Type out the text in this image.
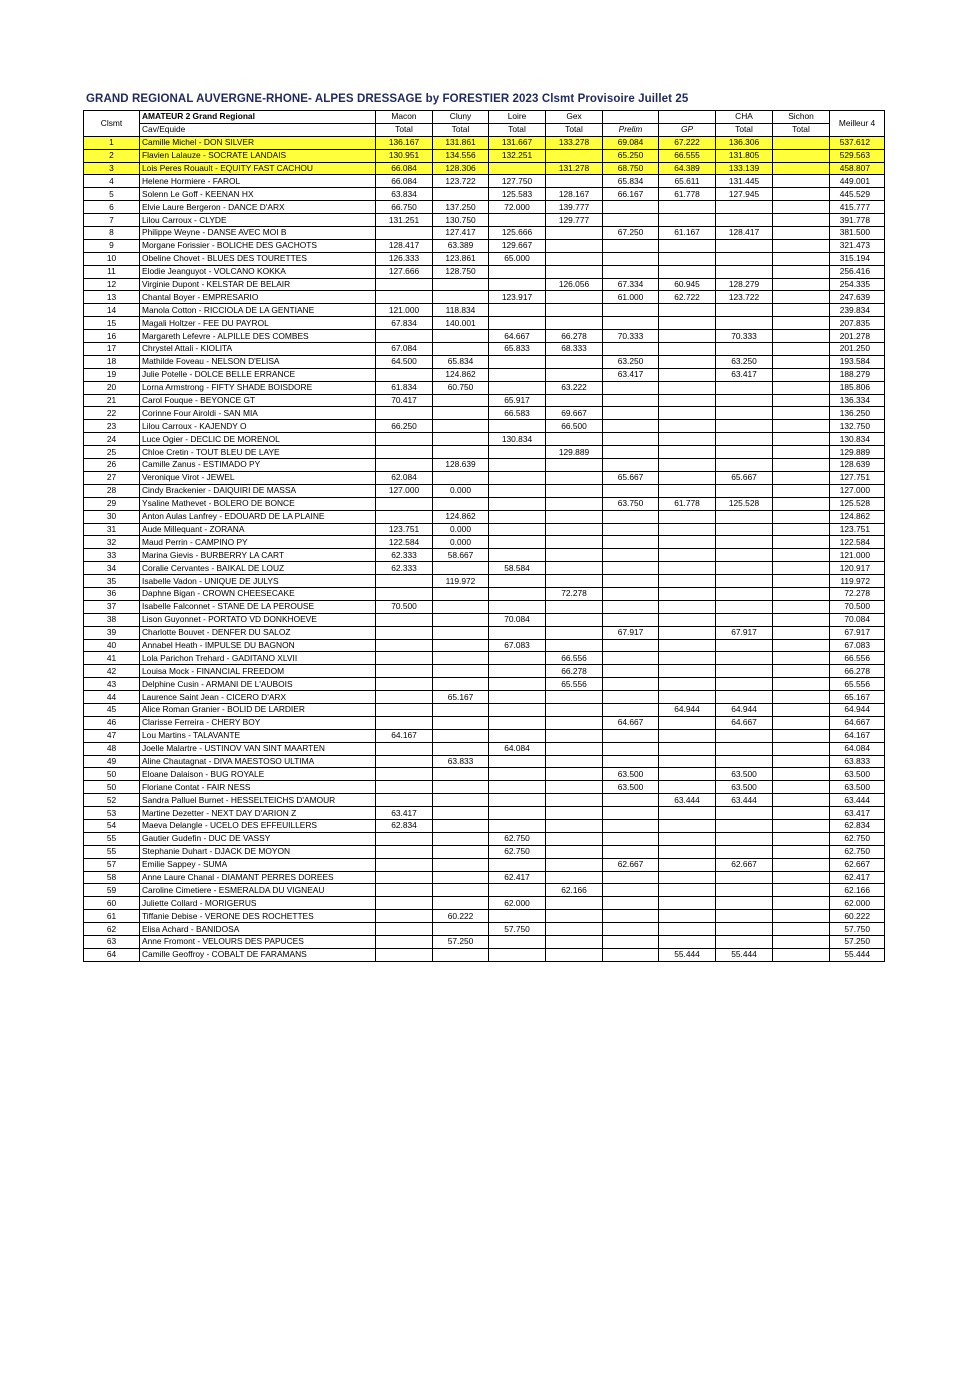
GRAND REGIONAL AUVERGNE-RHONE- ALPES DRESSAGE by FORESTIER 2023 Clsmt Provisoire Juillet 25
Clsmt	AMATEUR 2 Grand Regional	Macon	Cluny	Loire	Gex			CHA	Sichon	Meilleur 4
	Cav/Equide	Total	Total	Total	Total	Prelim	GP	Total	Total	
1	Camille Michel - DON SILVER	136.167	131.861	131.667	133.278	69.084	67.222	136.306		537.612
2	Flavien Lalauze - SOCRATE LANDAIS	130.951	134.556	132.251		65.250	66.555	131.805		529.563
3	Lois Peres Rouault - EQUITY FAST CACHOU	66.084	128.306		131.278	68.750	64.389	133.139		458.807
4	Helene Hormiere - FAROL	66.084	123.722	127.750		65.834	65.611	131.445		449.001
5	Solenn Le Goff - KEENAN HX	63.834		125.583	128.167	66.167	61.778	127.945		445.529
6	Elvie Laure Bergeron - DANCE D'ARX	66.750	137.250	72.000	139.777					415.777
7	Lilou Carroux - CLYDE	131.251	130.750		129.777					391.778
8	Philippe Weyne - DANSE AVEC MOI B		127.417	125.666		67.250	61.167	128.417		381.500
9	Morgane Forissier - BOLICHE DES GACHOTS	128.417	63.389	129.667						321.473
10	Obeline Chovet - BLUES DES TOURETTES	126.333	123.861	65.000						315.194
11	Elodie Jeanguyot - VOLCANO KOKKA	127.666	128.750							256.416
12	Virginie Dupont - KELSTAR DE BELAIR				126.056	67.334	60.945	128.279		254.335
13	Chantal Boyer - EMPRESARIO			123.917		61.000	62.722	123.722		247.639
14	Manola Cotton - RICCIOLA DE LA GENTIANE	121.000	118.834							239.834
15	Magali Holtzer - FEE DU PAYROL	67.834	140.001							207.835
16	Margareth Lefevre - ALPILLE DES COMBES			64.667	66.278	70.333		70.333		201.278
17	Chrystel Attali - KIOLITA	67.084		65.833	68.333					201.250
18	Mathilde Foveau - NELSON D'ELISA	64.500	65.834			63.250		63.250		193.584
19	Julie Potelle - DOLCE BELLE ERRANCE		124.862			63.417		63.417		188.279
20	Lorna Armstrong - FIFTY SHADE BOISDORE	61.834	60.750		63.222					185.806
21	Carol Fouque - BEYONCE GT	70.417		65.917						136.334
22	Corinne Four Airoldi - SAN MIA			66.583	69.667					136.250
23	Lilou Carroux - KAJENDY O	66.250			66.500					132.750
24	Luce Ogier - DECLIC DE MORENOL			130.834						130.834
25	Chloe Cretin - TOUT BLEU DE LAYE				129.889					129.889
26	Camille Zanus - ESTIMADO PY		128.639							128.639
27	Veronique Virot - JEWEL	62.084				65.667		65.667		127.751
28	Cindy Brackenier - DAIQUIRI DE MASSA	127.000	0.000							127.000
29	Ysaline Mathevet - BOLERO DE BONCE					63.750	61.778	125.528		125.528
30	Anton Aulas Lanfrey - EDOUARD DE LA PLAINE		124.862							124.862
31	Aude Millequant - ZORANA	123.751	0.000							123.751
32	Maud Perrin - CAMPINO PY	122.584	0.000							122.584
33	Marina Gievis - BURBERRY LA CART	62.333	58.667							121.000
34	Coralie Cervantes - BAIKAL DE LOUZ	62.333		58.584						120.917
35	Isabelle Vadon - UNIQUE DE JULYS		119.972							119.972
36	Daphne Bigan - CROWN CHEESECAKE				72.278					72.278
37	Isabelle Falconnet - STANE DE LA PEROUSE	70.500								70.500
38	Lison Guyonnet - PORTATO VD DONKHOEVE			70.084						70.084
39	Charlotte Bouvet - DENFER DU SALOZ					67.917		67.917		67.917
40	Annabel Heath - IMPULSE DU BAGNON			67.083						67.083
41	Lola Parichon Trehard - GADITANO XLVII				66.556					66.556
42	Louisa Mock - FINANCIAL FREEDOM				66.278					66.278
43	Delphine Cusin - ARMANI DE L'AUBOIS				65.556					65.556
44	Laurence Saint Jean - CICERO D'ARX		65.167							65.167
45	Alice Roman Granier - BOLID DE LARDIER						64.944	64.944		64.944
46	Clarisse Ferreira - CHERY BOY					64.667		64.667		64.667
47	Lou Martins - TALAVANTE	64.167								64.167
48	Joelle Malartre - USTINOV VAN SINT MAARTEN			64.084						64.084
49	Aline Chautagnat - DIVA MAESTOSO ULTIMA		63.833							63.833
50	Eloane Dalaison - BUG ROYALE					63.500		63.500		63.500
50	Floriane Contat - FAIR NESS					63.500		63.500		63.500
52	Sandra Palluel Burnet - HESSELTEICHS D'AMOUR						63.444	63.444		63.444
53	Martine Dezetter - NEXT DAY D'ARION Z	63.417								63.417
54	Maeva Delangle - UCELO DES EFFEUILLERS	62.834								62.834
55	Gautier Gudefin - DUC DE VASSY			62.750						62.750
55	Stephanie Duhart - DJACK DE MOYON			62.750						62.750
57	Emilie Sappey - SUMA					62.667		62.667		62.667
58	Anne Laure Chanal - DIAMANT PERRES DOREES			62.417						62.417
59	Caroline Cimetiere - ESMERALDA DU VIGNEAU				62.166					62.166
60	Juliette Collard - MORIGERUS			62.000						62.000
61	Tiffanie Debise - VERONE DES ROCHETTES		60.222							60.222
62	Elisa Achard - BANIDOSA			57.750						57.750
63	Anne Fromont - VELOURS DES PAPUCES		57.250							57.250
64	Camille Geoffroy - COBALT DE FARAMANS						55.444	55.444		55.444
